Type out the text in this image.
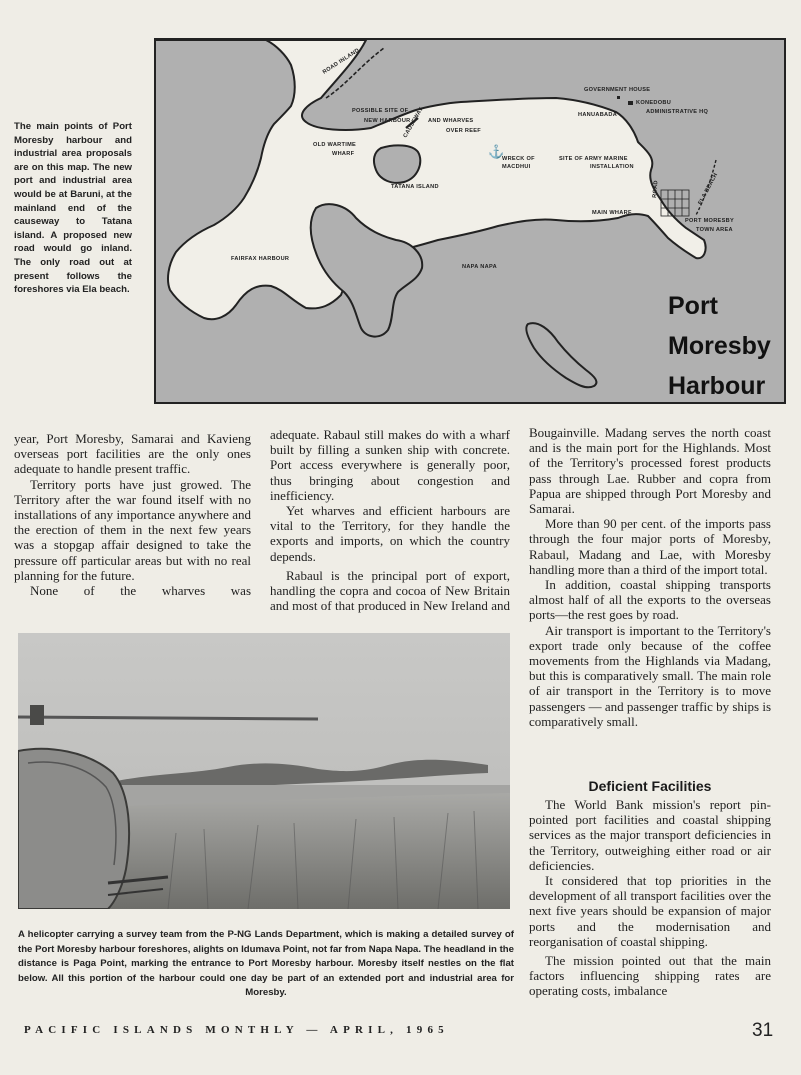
⚓
ROAD INLAND
GOVERNMENT HOUSE
KONEDOBU
ADMINISTRATIVE HQ
HANUABADA
POSSIBLE SITE OF
NEW HARBOUR	AND WHARVES
OVER REEF
CAUSEWAY
OLD WARTIME
WHARF
WRECK OF
MACDHUI
SITE OF ARMY MARINE
INSTALLATION
TATANA ISLAND	ELA BEACH
MAIN WHARF
PORT MORESBY
TOWN AREA
FAIRFAX HARBOUR
NAPA NAPA
ROAD
Port
Moresby
Harbour
The main points of Port Moresby harbour and industrial area proposals are on this map. The new port and industrial area would be at Baruni, at the mainland end of the causeway to Tatana island. A proposed new road would go inland. The only road out at present follows the foreshores via Ela beach.

year, Port Moresby, Samarai and Kavieng overseas port facilities are the only ones adequate to handle present traffic.

Territory ports have just growed. The Territory after the war found itself with no installations of any importance anywhere and the erection of them in the next few years was a stopgap affair designed to take the pressure off particular areas but with no real planning for the future.

None of the wharves was

adequate. Rabaul still makes do with a wharf built by filling a sunken ship with concrete. Port access everywhere is generally poor, thus bringing about congestion and inefficiency.

Yet wharves and efficient harbours are vital to the Territory, for they handle the exports and imports, on which the country depends.

Rabaul is the principal port of export, handling the copra and cocoa of New Britain and most of that produced in New Ireland and

Bougainville. Madang serves the north coast and is the main port for the Highlands. Most of the Territory's processed forest products pass through Lae. Rubber and copra from Papua are shipped through Port Moresby and Samarai.

More than 90 per cent. of the imports pass through the four major ports of Moresby, Rabaul, Madang and Lae, with Moresby handling more than a third of the import total.

In addition, coastal shipping transports almost half of all the exports to the overseas ports—the rest goes by road.

Air transport is important to the Territory's export trade only because of the coffee movements from the Highlands via Madang, but this is comparatively small. The main role of air transport in the Territory is to move passengers — and passenger traffic by ships is comparatively small.

Deficient Facilities

The World Bank mission's report pin-pointed port facilities and coastal shipping services as the major transport deficiencies in the Territory, outweighing either road or air deficiencies.

It considered that top priorities in the development of all transport facilities over the next five years should be expansion of major ports and the modernisation and reorganisation of coastal shipping.

The mission pointed out that the main factors influencing shipping rates are operating costs, imbalance

A helicopter carrying a survey team from the P-NG Lands Department, which is making a detailed survey of the Port Moresby harbour foreshores, alights on Idumava Point, not far from Napa Napa. The headland in the distance is Paga Point, marking the entrance to Port Moresby harbour. Moresby itself nestles on the flat below. All this portion of the harbour could one day be part of an extended port and industrial area for Moresby.
PACIFIC ISLANDS MONTHLY — APRIL, 1965	31
